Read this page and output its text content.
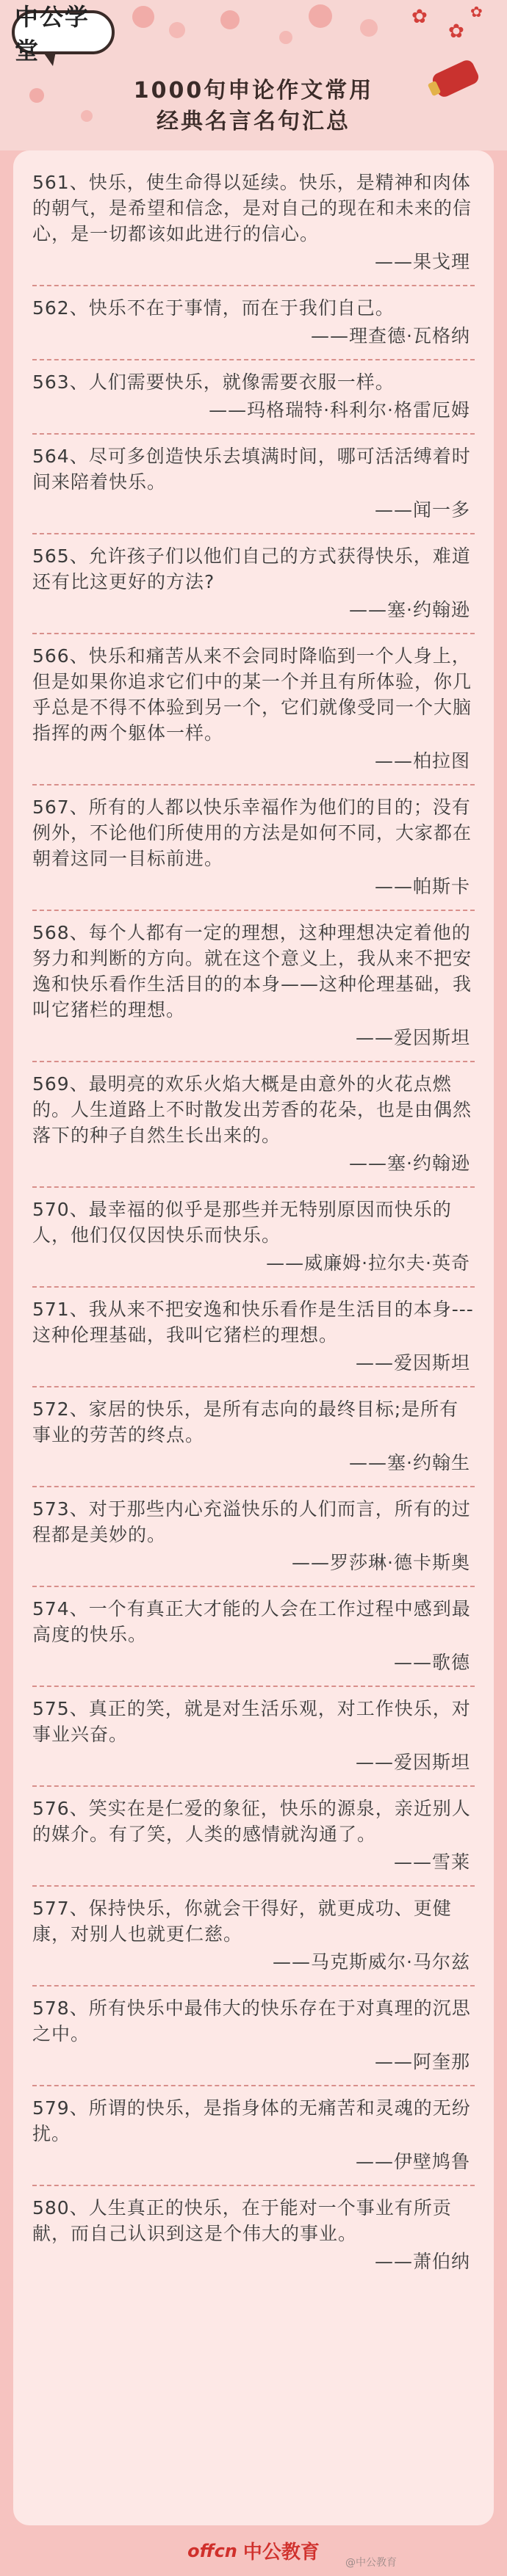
中公学堂
✿
✿
✿
1000句申论作文常用
经典名言名句汇总

561、快乐，使生命得以延续。快乐，是精神和肉体的朝气，是希望和信念，是对自己的现在和未来的信心，是一切都该如此进行的信心。

——果戈理

562、快乐不在于事情，而在于我们自己。

——理查德·瓦格纳

563、人们需要快乐，就像需要衣服一样。

——玛格瑞特·科利尔·格雷厄姆

564、尽可多创造快乐去填满时间，哪可活活缚着时间来陪着快乐。

——闻一多

565、允许孩子们以他们自己的方式获得快乐，难道还有比这更好的方法?

——塞·约翰逊

566、快乐和痛苦从来不会同时降临到一个人身上，但是如果你追求它们中的某一个并且有所体验，你几乎总是不得不体验到另一个，它们就像受同一个大脑指挥的两个躯体一样。

——柏拉图

567、所有的人都以快乐幸福作为他们的目的；没有例外，不论他们所使用的方法是如何不同，大家都在朝着这同一目标前进。

——帕斯卡

568、每个人都有一定的理想，这种理想决定着他的努力和判断的方向。就在这个意义上，我从来不把安逸和快乐看作生活目的的本身——这种伦理基础，我叫它猪栏的理想。

——爱因斯坦

569、最明亮的欢乐火焰大概是由意外的火花点燃的。人生道路上不时散发出芳香的花朵，也是由偶然落下的种子自然生长出来的。

——塞·约翰逊

570、最幸福的似乎是那些并无特别原因而快乐的人，他们仅仅因快乐而快乐。

——威廉姆·拉尔夫·英奇

571、我从来不把安逸和快乐看作是生活目的本身---这种伦理基础，我叫它猪栏的理想。

——爱因斯坦

572、家居的快乐，是所有志向的最终目标;是所有事业的劳苦的终点。

——塞·约翰生

573、对于那些内心充溢快乐的人们而言，所有的过程都是美妙的。

——罗莎琳·德卡斯奥

574、一个有真正大才能的人会在工作过程中感到最高度的快乐。

——歌德

575、真正的笑，就是对生活乐观，对工作快乐，对事业兴奋。

——爱因斯坦

576、笑实在是仁爱的象征，快乐的源泉，亲近别人的媒介。有了笑，人类的感情就沟通了。

——雪莱

577、保持快乐，你就会干得好，就更成功、更健康，对别人也就更仁慈。

——马克斯威尔·马尔兹

578、所有快乐中最伟大的快乐存在于对真理的沉思之中。

——阿奎那

579、所谓的快乐，是指身体的无痛苦和灵魂的无纷扰。

——伊壁鸠鲁

580、人生真正的快乐，在于能对一个事业有所贡献，而自己认识到这是个伟大的事业。

——萧伯纳
offcn 中公教育	@中公教育
